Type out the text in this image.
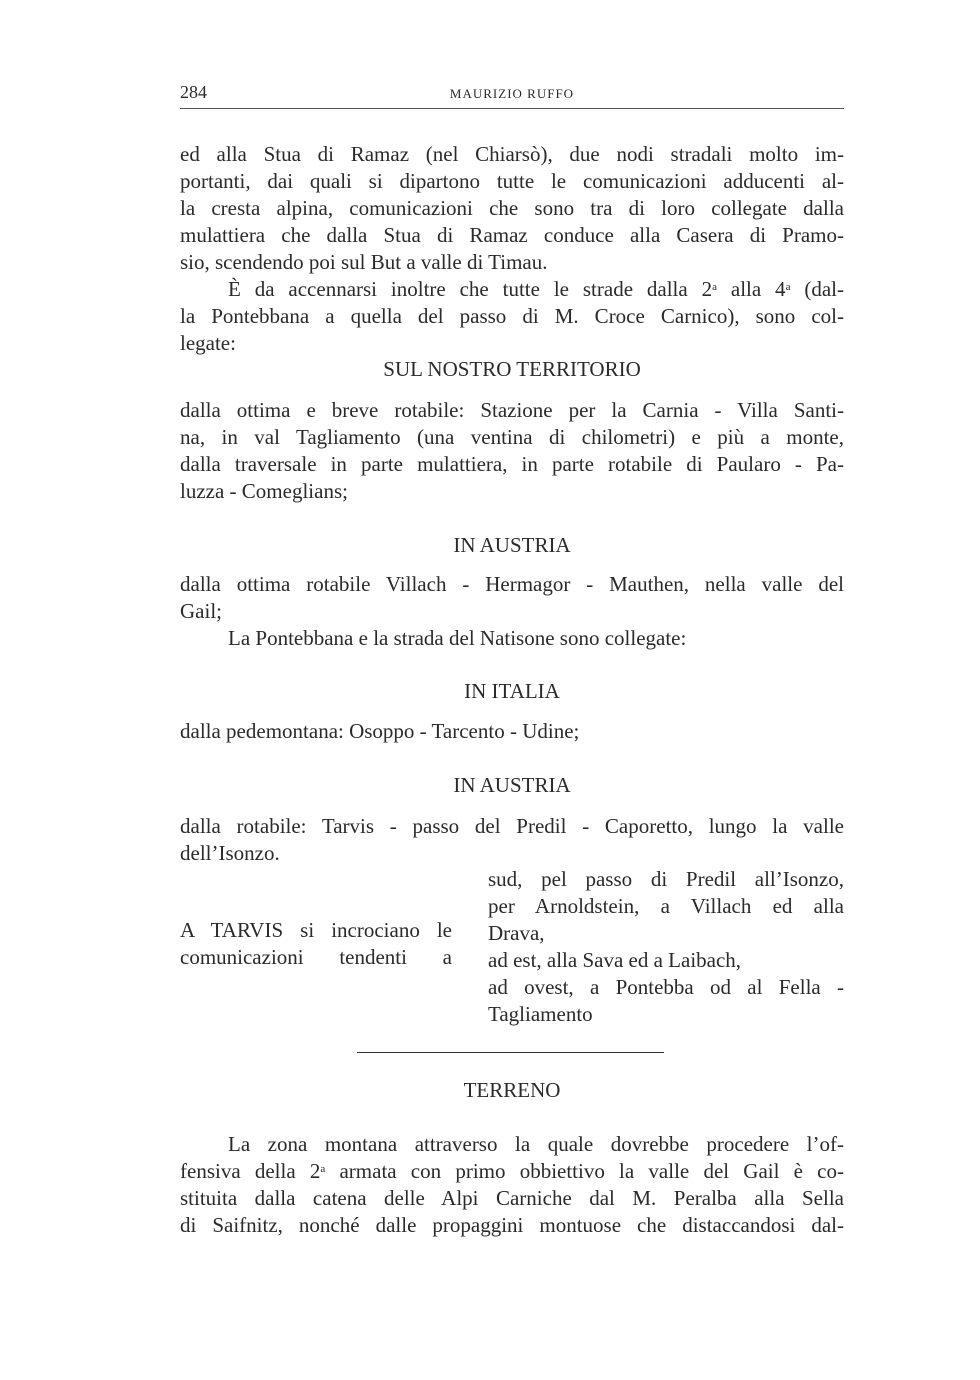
284	MAURIZIO RUFFO
ed alla Stua di Ramaz (nel Chiarsò), due nodi stradali molto im-
portanti, dai quali si dipartono tutte le comunicazioni adducenti al-
la cresta alpina, comunicazioni che sono tra di loro collegate dalla
mulattiera che dalla Stua di Ramaz conduce alla Casera di Pramo-
sio, scendendo poi sul But a valle di Timau.
È da accennarsi inoltre che tutte le strade dalla 2$^a$ alla 4$^a$ (dal-
la Pontebbana a quella del passo di M. Croce Carnico), sono col-
legate:
SUL NOSTRO TERRITORIO
dalla ottima e breve rotabile: Stazione per la Carnia - Villa Santi-
na, in val Tagliamento (una ventina di chilometri) e più a monte,
dalla traversale in parte mulattiera, in parte rotabile di Paularo - Pa-
luzza - Comeglians;
IN AUSTRIA
dalla ottima rotabile Villach - Hermagor - Mauthen, nella valle del
Gail;
La Pontebbana e la strada del Natisone sono collegate:
IN ITALIA
dalla pedemontana: Osoppo - Tarcento - Udine;
IN AUSTRIA
dalla rotabile: Tarvis - passo del Predil - Caporetto, lungo la valle
dell’Isonzo.
A TARVIS si incrociano le
comunicazioni tendenti a
sud, pel passo di Predil all’Isonzo,
per Arnoldstein, a Villach ed alla
Drava,
ad est, alla Sava ed a Laibach,
ad ovest, a Pontebba od al Fella -
Tagliamento
TERRENO
La zona montana attraverso la quale dovrebbe procedere l’of-
fensiva della 2$^a$ armata con primo obbiettivo la valle del Gail è co-
stituita dalla catena delle Alpi Carniche dal M. Peralba alla Sella
di Saifnitz, nonché dalle propaggini montuose che distaccandosi dal-
